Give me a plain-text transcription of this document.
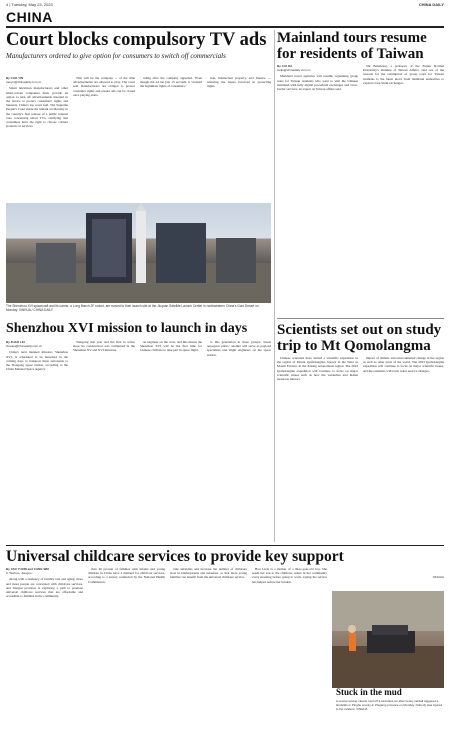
4 | Tuesday, May 23, 2023	CHINA DAILY
CHINA
Court blocks compulsory TV ads
Manufacturers ordered to give option for consumers to switch off commercials
By CAO YIN
caoyin@chinadaily.com.cn

Smart television manufacturers and other smart-screen companies must provide an option to turn off advertisements inserted in the device to protect consumers' rights and interests, China's top court said. The Supreme People's Court made the remark on Monday in the country's first release of a public interest case concerning smart TVs, clarifying that consumers have the right to choose content products or services.

This will be the company ... of the time advertisements are allowed to play. The court said manufacturers are obliged to protect consumer rights and ensure ads can be closed once playing starts.

ruling after the company appealed. 'Even though the ad ran just 15 seconds, it violated the legitimate rights of consumers.'

tion, intellectual property, and finance — referring the issues involved in protecting rights.

The Shenzhou XVI spacecraft and its carrier, a Long March 2F rocket, are moved to their launch site at the Jiuquan Satellite Launch Center in northwestern China's Gobi Desert on Monday. XINHUA / CHINA DAILY
Shenzhou XVI mission to launch in days
By ZHAO LEI
zhaolei@chinadaily.com.cn

China's next manned mission, Shenzhou XVI, is scheduled to be launched in the coming days to transport three astronauts to the Tiangong space station, according to the China Manned Space Agency.

Tiangong this year and the first to arrive since its construction was completed in the Shenzhou XV and XVI missions.

an engineer on the crew, and this means the Shenzhou XVI will be the first time for Chinese civilians to take part in space flight.

to this generation in three groups: 'Great aerospace pilots,' another will serve as payload specialists and flight engineers on the space station.

Mainland tours resume for residents of Taiwan
By CUI JIA
cuijia@chinadaily.com.cn

Mainland travel agencies will resume organizing group tours for Taiwan residents who want to visit the Chinese mainland with fully digital procedural exchanges and cross-border services, an expert on Taiwan affairs said.

Shi Benzhong, a professor at the Fujian Normal University's Institute of Taiwan Affairs, said one of the reasons for the resumption of group tours for Taiwan residents is the latest move from mainland authorities to expand cross-Strait exchanges.

Scientists set out on study trip to Mt Qomolangma

Chinese scientists have started a scientific expedition in the region of Mount Qomolangma, known in the West as Mount Everest, in the Xizang autonomous region. The 2023 Qomolangma expedition will continue to focus on major scientific issues such as how the westerlies and Indian monsoon interact.

impact of climate and environmental change in the region as well as other parts of the world. The 2023 Qomolangma expedition will continue to focus on major scientific issues, and the scientists will track water and ice changes.

Universal childcare services to provide key support
XINHUA
By YAO YUXIN and CANG WEI
in Taizhou, Jiangsu

Along with a tendency of fertility rate and aging, more and more people are concerned with childcare services, and Jiangsu province is exploring a path to promote universal childcare services that are affordable and accessible to families in the community.

than 40 percent of families with infants and young children in China have a demand for childcare services, according to a survey conducted by the National Health Commission.

vide subsidies and increase the number of childcare slots in kindergartens and nurseries, so that more young families can benefit from the universal childcare service.

Hou Lixia is a mother of a three-year-old boy. She sends her son to the childcare center in her community every morning before going to work, saying the service has helped reduce her burden.

Stuck in the mud
A rescue worker cleans mud off a stranded car after heavy rainfall triggered a landslide in Pinghu county in Zhejiang province on Monday. Nobody was injured in the incident. XINHUA
